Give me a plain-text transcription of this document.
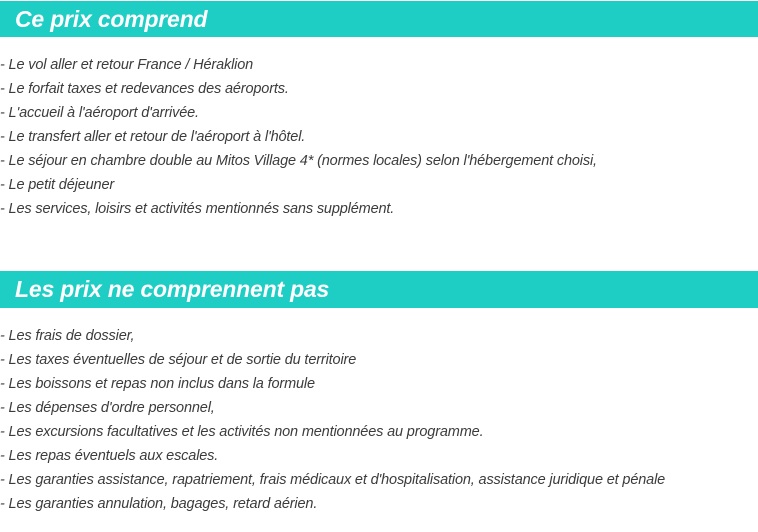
Ce prix comprend
- Le vol aller et retour France / Héraklion
- Le forfait taxes et redevances des aéroports.
- L'accueil à l'aéroport d'arrivée.
- Le transfert aller et retour de l'aéroport à l'hôtel.
- Le séjour en chambre double au Mitos Village 4* (normes locales) selon l'hébergement choisi,
- Le petit déjeuner
- Les services, loisirs et activités mentionnés sans supplément.
Les prix ne comprennent pas
- Les frais de dossier,
- Les taxes éventuelles de séjour et de sortie du territoire
- Les boissons et repas non inclus dans la formule
- Les dépenses d'ordre personnel,
- Les excursions facultatives et les activités non mentionnées au programme.
- Les repas éventuels aux escales.
- Les garanties assistance, rapatriement, frais médicaux et d'hospitalisation, assistance juridique et pénale
- Les garanties annulation, bagages, retard aérien.
